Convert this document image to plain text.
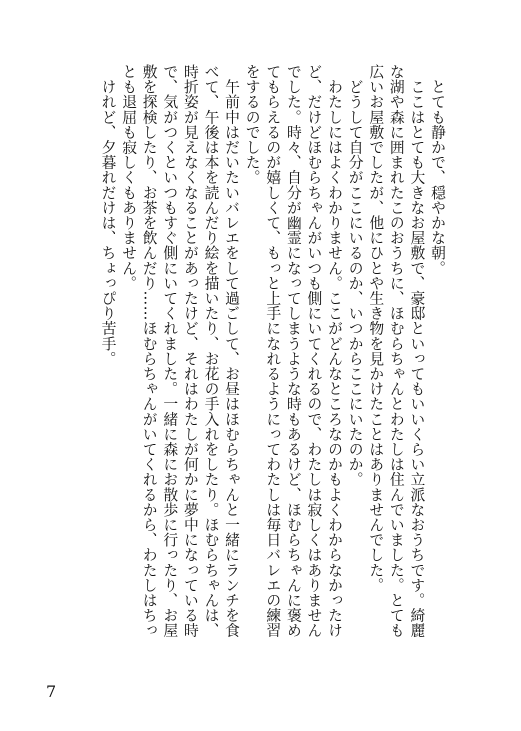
　とても静かで、穏やかな朝。

　ここはとても大きなお屋敷で、豪邸といってもいいくらい立派なおうちです。綺麗

な湖や森に囲まれたこのおうちに、ほむらちゃんとわたしは住んでいました。とても

広いお屋敷でしたが、他にひとや生き物を見かけたことはありませんでした。

　どうして自分がここにいるのか、いつからここにいたのか。

　わたしにはよくわかりません。ここがどんなところなのかもよくわからなかったけ

ど、だけどほむらちゃんがいつも側にいてくれるので、わたしは寂しくはありません

でした。時々、自分が幽霊になってしまうような時もあるけど、ほむらちゃんに褒め

てもらえるのが嬉しくて、もっと上手になれるようにってわたしは毎日バレエの練習

をするのでした。

　午前中はだいたいバレエをして過ごして、お昼はほむらちゃんと一緒にランチを食

べて、午後は本を読んだり絵を描いたり、お花の手入れをしたり。ほむらちゃんは、

時折姿が見えなくなることがあったけど、それはわたしが何かに夢中になっている時

で、気がつくといつもすぐ側にいてくれました。一緒に森にお散歩に行ったり、お屋

敷を探検したり、お茶を飲んだり……ほむらちゃんがいてくれるから、わたしはちっ

とも退屈も寂しくもありません。

　けれど、夕暮れだけは、ちょっぴり苦手。

7
